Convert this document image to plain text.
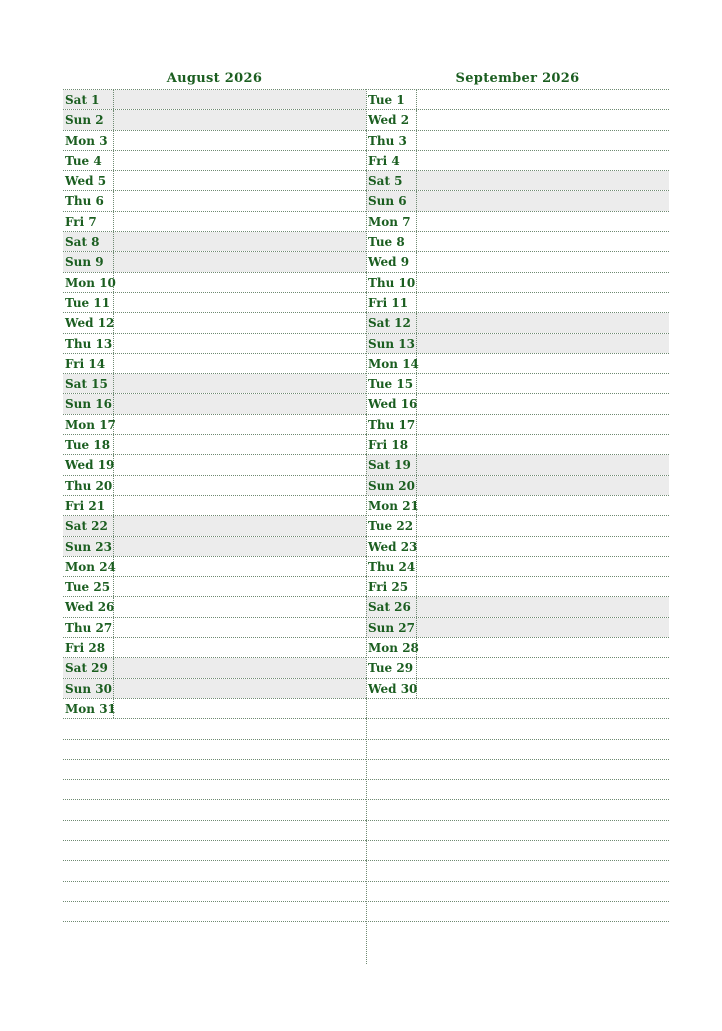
August 2026
Sat 1
Sun 2
Mon 3
Tue 4
Wed 5
Thu 6
Fri 7
Sat 8
Sun 9
Mon 10
Tue 11
Wed 12
Thu 13
Fri 14
Sat 15
Sun 16
Mon 17
Tue 18
Wed 19
Thu 20
Fri 21
Sat 22
Sun 23
Mon 24
Tue 25
Wed 26
Thu 27
Fri 28
Sat 29
Sun 30
Mon 31
September 2026
Tue 1
Wed 2
Thu 3
Fri 4
Sat 5
Sun 6
Mon 7
Tue 8
Wed 9
Thu 10
Fri 11
Sat 12
Sun 13
Mon 14
Tue 15
Wed 16
Thu 17
Fri 18
Sat 19
Sun 20
Mon 21
Tue 22
Wed 23
Thu 24
Fri 25
Sat 26
Sun 27
Mon 28
Tue 29
Wed 30
